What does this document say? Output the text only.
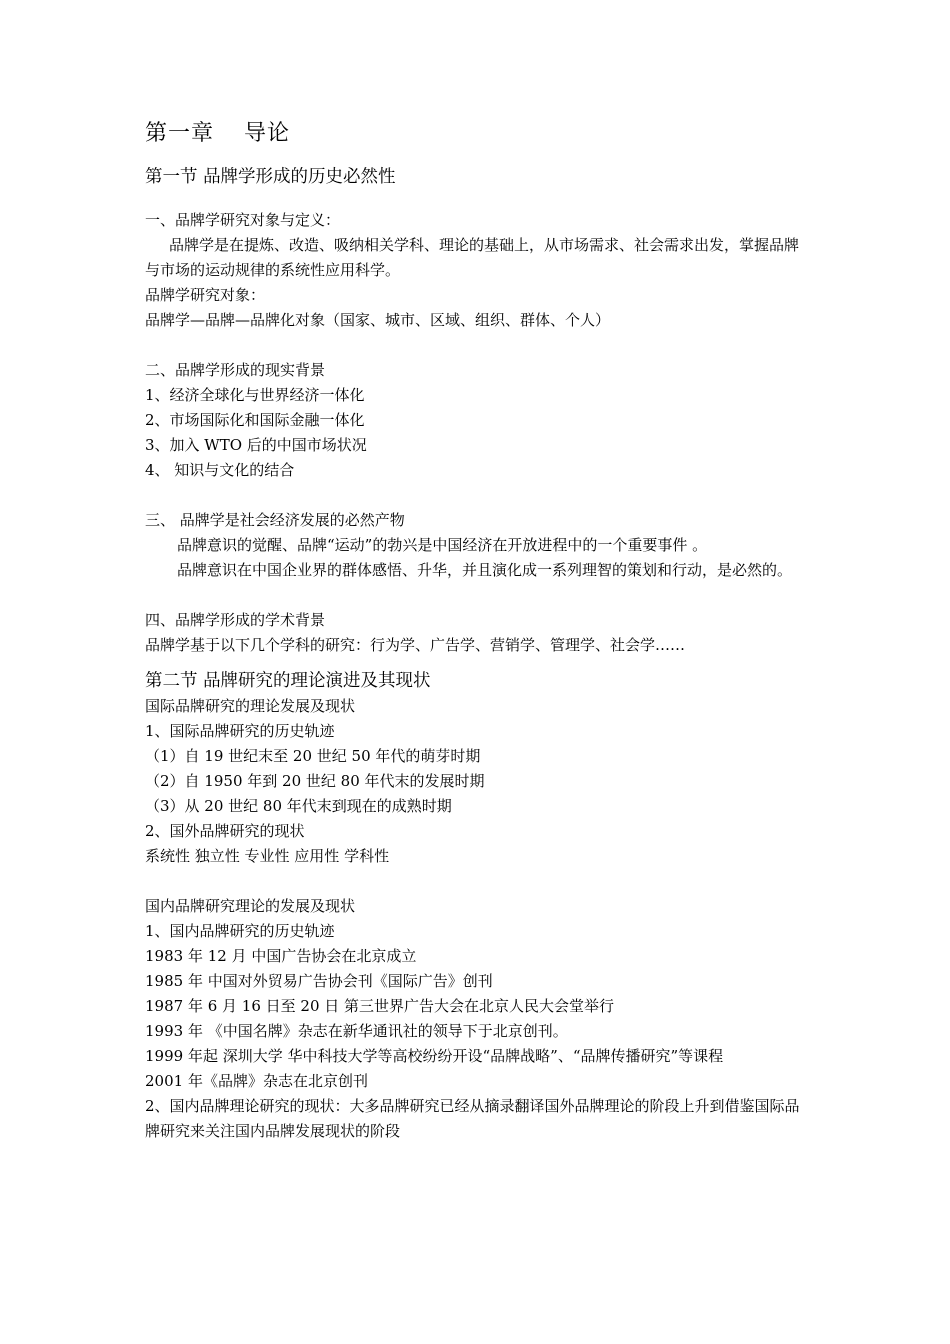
第一章 导论
第一节 品牌学形成的历史必然性
一、品牌学研究对象与定义：
品牌学是在提炼、改造、吸纳相关学科、理论的基础上，从市场需求、社会需求出发，掌握品牌与市场的运动规律的系统性应用科学。
品牌学研究对象：
品牌学—品牌—品牌化对象（国家、城市、区域、组织、群体、个人）
二、品牌学形成的现实背景
1、经济全球化与世界经济一体化
2、市场国际化和国际金融一体化
3、加入 WTO 后的中国市场状况
4、 知识与文化的结合
三、 品牌学是社会经济发展的必然产物
品牌意识的觉醒、品牌“运动”的勃兴是中国经济在开放进程中的一个重要事件 。
品牌意识在中国企业界的群体感悟、升华，并且演化成一系列理智的策划和行动，是必然的。
四、品牌学形成的学术背景
品牌学基于以下几个学科的研究：行为学、广告学、营销学、管理学、社会学……
第二节 品牌研究的理论演进及其现状
国际品牌研究的理论发展及现状
1、国际品牌研究的历史轨迹
（1）自 19 世纪末至 20 世纪 50 年代的萌芽时期
（2）自 1950 年到 20 世纪 80 年代末的发展时期
（3）从 20 世纪 80 年代末到现在的成熟时期
2、国外品牌研究的现状
系统性 独立性 专业性 应用性 学科性
国内品牌研究理论的发展及现状
1、国内品牌研究的历史轨迹
1983 年 12 月 中国广告协会在北京成立
1985 年 中国对外贸易广告协会刊《国际广告》创刊
1987 年 6 月 16 日至 20 日 第三世界广告大会在北京人民大会堂举行
1993 年 《中国名牌》杂志在新华通讯社的领导下于北京创刊。
1999 年起 深圳大学 华中科技大学等高校纷纷开设“品牌战略”、“品牌传播研究”等课程
2001 年《品牌》杂志在北京创刊
2、国内品牌理论研究的现状：大多品牌研究已经从摘录翻译国外品牌理论的阶段上升到借鉴国际品牌研究来关注国内品牌发展现状的阶段
